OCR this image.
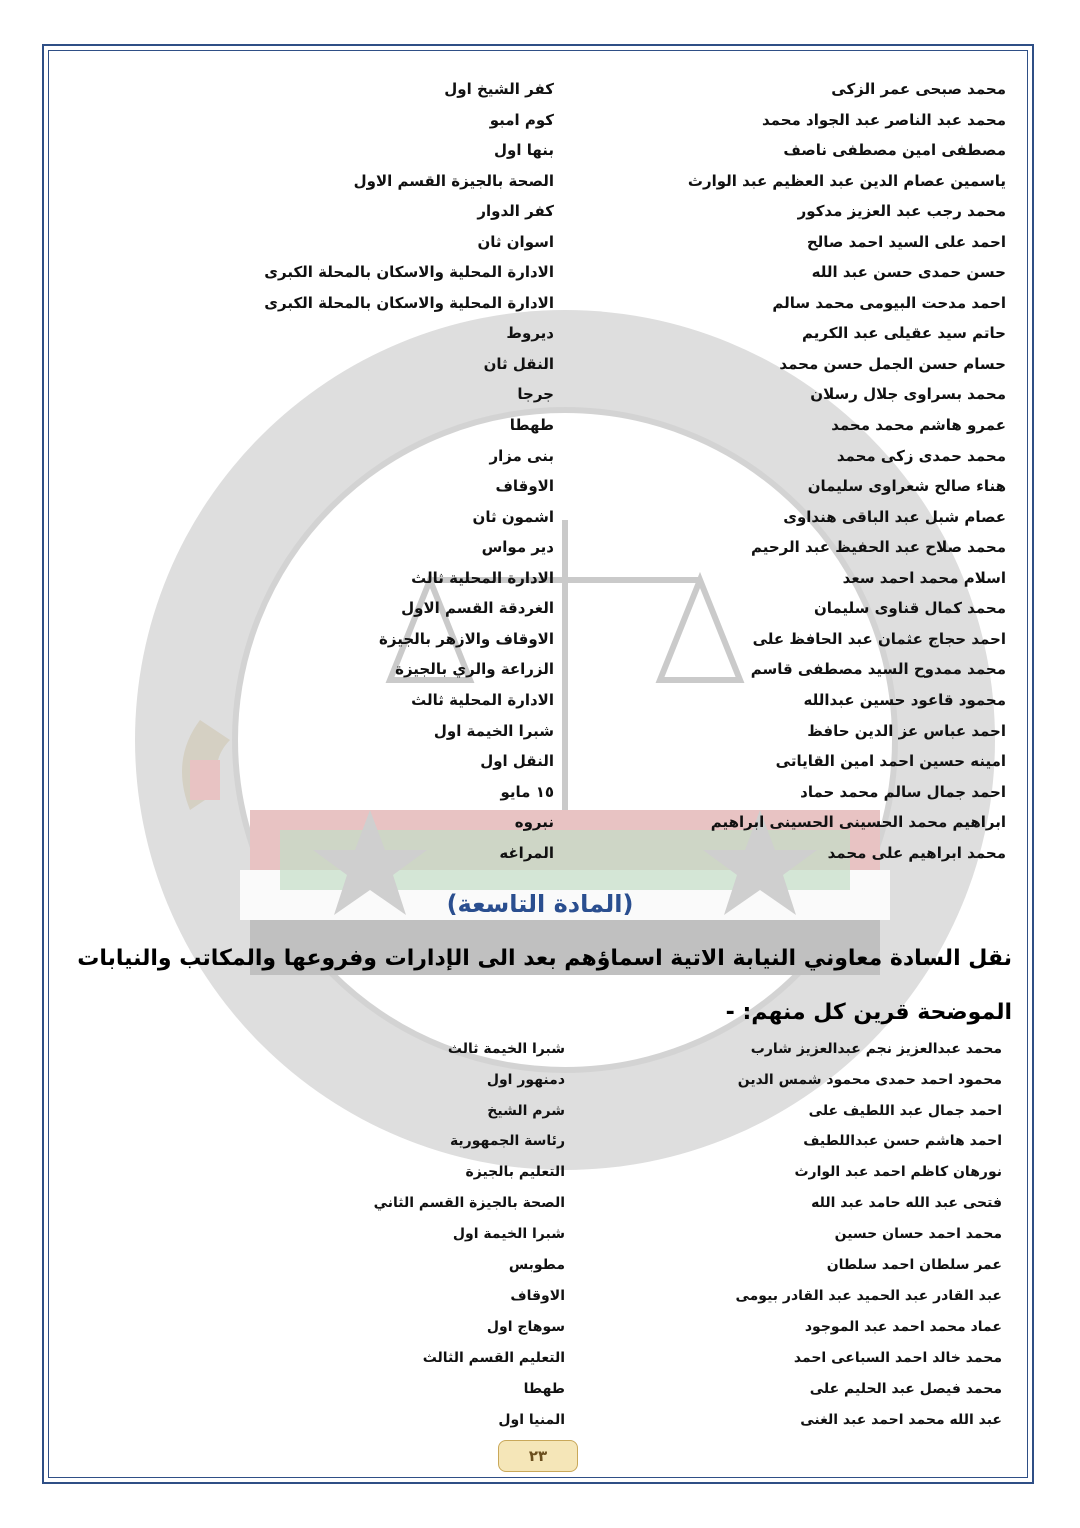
محمد صبحى عمر الزكى
كفر الشيخ اول
محمد عبد الناصر عبد الجواد محمد
كوم امبو
مصطفى امين مصطفى ناصف
بنها اول
ياسمين عصام الدين عبد العظيم عبد الوارث
الصحة بالجيزة القسم الاول
محمد رجب عبد العزيز مدكور
كفر الدوار
احمد على السيد احمد صالح
اسوان ثان
حسن حمدى حسن عبد الله
الادارة المحلية والاسكان بالمحلة الكبرى
احمد مدحت البيومى محمد سالم
الادارة المحلية والاسكان بالمحلة الكبرى
حاتم سيد عقيلى عبد الكريم
ديروط
حسام حسن الجمل حسن محمد
النقل ثان
محمد بسراوى جلال رسلان
جرجا
عمرو هاشم محمد محمد
طهطا
محمد حمدى زكى محمد
بنى مزار
هناء صالح شعراوى سليمان
الاوقاف
عصام شبل عبد الباقى هنداوى
اشمون ثان
محمد صلاح عبد الحفيظ عبد الرحيم
دير مواس
اسلام محمد احمد سعد
الادارة المحلية ثالث
محمد كمال قناوى سليمان
الغردقة القسم الاول
احمد حجاج عثمان عبد الحافظ على
الاوقاف والازهر بالجيزة
محمد ممدوح السيد مصطفى قاسم
الزراعة والري بالجيزة
محمود قاعود حسين عبدالله
الادارة المحلية ثالث
احمد عباس عز الدين حافظ
شبرا الخيمة اول
امينه حسين احمد امين القاياتى
النقل اول
احمد جمال سالم محمد حماد
١٥ مايو
ابراهيم محمد الحسينى الحسينى ابراهيم
نبروه
محمد ابراهيم على محمد
المراغه
(المادة التاسعة)
نقل السادة معاوني النيابة الاتية اسماؤهم بعد الى الإدارات وفروعها والمكاتب والنيابات
الموضحة قرين كل منهم: -
محمد عبدالعزيز نجم عبدالعزيز شارب
شبرا الخيمة ثالث
محمود احمد حمدى محمود شمس الدين
دمنهور اول
احمد جمال عبد اللطيف على
شرم الشيخ
احمد هاشم حسن عبداللطيف
رئاسة الجمهورية
نورهان كاظم احمد عبد الوارث
التعليم بالجيزة
فتحى عبد الله حامد عبد الله
الصحة بالجيزة القسم الثاني
محمد احمد حسان حسين
شبرا الخيمة اول
عمر سلطان احمد سلطان
مطوبس
عبد القادر عبد الحميد عبد القادر بيومى
الاوقاف
عماد محمد احمد عبد الموجود
سوهاج اول
محمد خالد احمد السباعى احمد
التعليم القسم الثالث
محمد فيصل عبد الحليم على
طهطا
عبد الله محمد احمد عبد الغنى
المنيا اول
٢٣
